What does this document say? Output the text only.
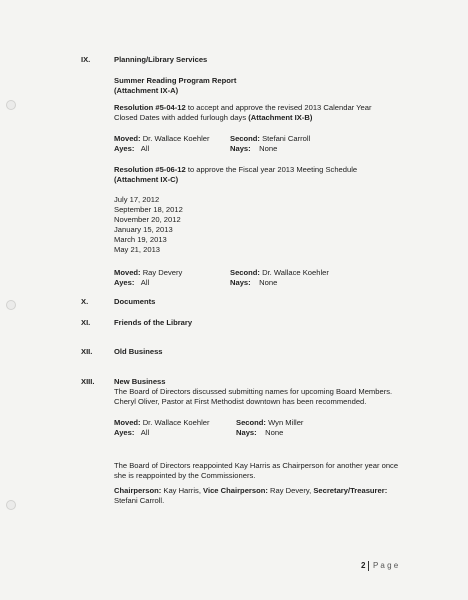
IX.	Planning/Library Services
Summer Reading Program Report
(Attachment IX-A)
Resolution #5-04-12 to accept and approve the revised 2013 Calendar Year Closed Dates with added furlough days (Attachment IX-B)
Moved: Dr. Wallace Koehler	Second: Stefani Carroll
Ayes: All	Nays: None
Resolution #5-06-12 to approve the Fiscal year 2013 Meeting Schedule
(Attachment IX-C)
July 17, 2012
September 18, 2012
November 20, 2012
January 15, 2013
March 19, 2013
May 21, 2013
Moved: Ray Devery	Second: Dr. Wallace Koehler
Ayes: All	Nays: None
X.	Documents
XI.	Friends of the Library
XII.	Old Business
XIII.	New Business
The Board of Directors discussed submitting names for upcoming Board Members. Cheryl Oliver, Pastor at First Methodist downtown has been recommended.
Moved: Dr. Wallace Koehler	Second: Wyn Miller
Ayes: All	Nays: None
The Board of Directors reappointed Kay Harris as Chairperson for another year once she is reappointed by the Commissioners.
Chairperson: Kay Harris, Vice Chairperson: Ray Devery, Secretary/Treasurer: Stefani Carroll.
2 P a g e
